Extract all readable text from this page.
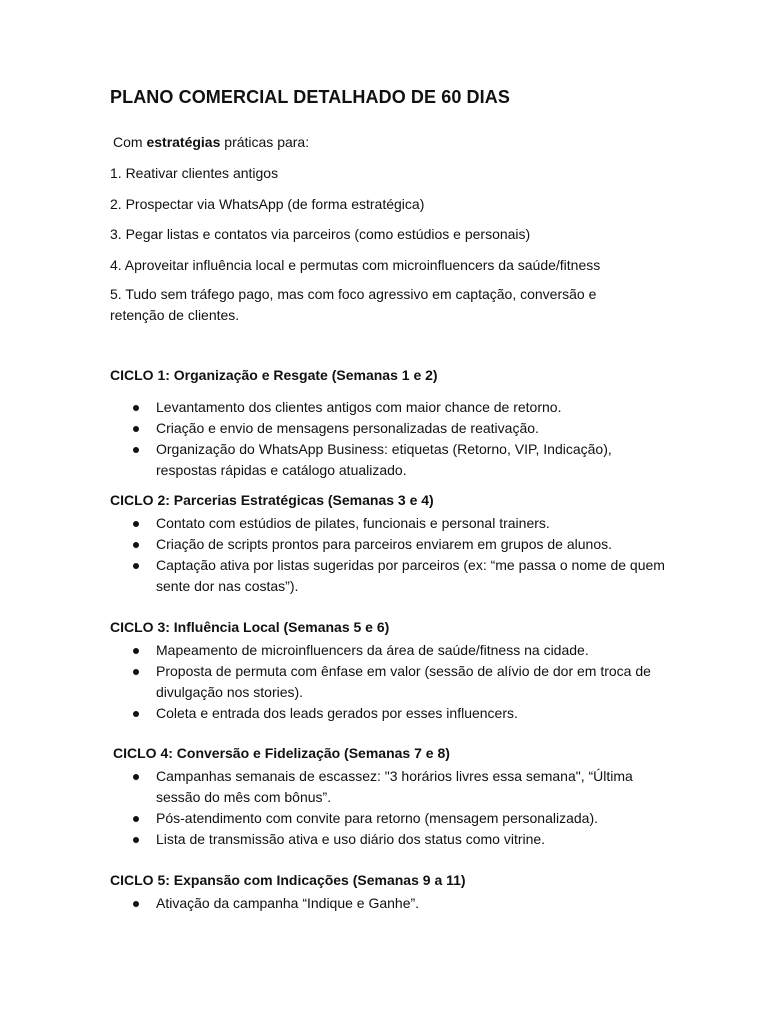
PLANO COMERCIAL DETALHADO DE 60 DIAS
Com estratégias práticas para:
1. Reativar clientes antigos
2. Prospectar via WhatsApp (de forma estratégica)
3. Pegar listas e contatos via parceiros (como estúdios e personais)
4. Aproveitar influência local e permutas com microinfluencers da saúde/fitness
5. Tudo sem tráfego pago, mas com foco agressivo em captação, conversão e retenção de clientes.
CICLO 1: Organização e Resgate (Semanas 1 e 2)
Levantamento dos clientes antigos com maior chance de retorno.
Criação e envio de mensagens personalizadas de reativação.
Organização do WhatsApp Business: etiquetas (Retorno, VIP, Indicação), respostas rápidas e catálogo atualizado.
CICLO 2: Parcerias Estratégicas (Semanas 3 e 4)
Contato com estúdios de pilates, funcionais e personal trainers.
Criação de scripts prontos para parceiros enviarem em grupos de alunos.
Captação ativa por listas sugeridas por parceiros (ex: “me passa o nome de quem sente dor nas costas”).
CICLO 3: Influência Local (Semanas 5 e 6)
Mapeamento de microinfluencers da área de saúde/fitness na cidade.
Proposta de permuta com ênfase em valor (sessão de alívio de dor em troca de divulgação nos stories).
Coleta e entrada dos leads gerados por esses influencers.
CICLO 4: Conversão e Fidelização (Semanas 7 e 8)
Campanhas semanais de escassez: "3 horários livres essa semana", “Última sessão do mês com bônus”.
Pós-atendimento com convite para retorno (mensagem personalizada).
Lista de transmissão ativa e uso diário dos status como vitrine.
CICLO 5: Expansão com Indicações (Semanas 9 a 11)
Ativação da campanha “Indique e Ganhe”.
